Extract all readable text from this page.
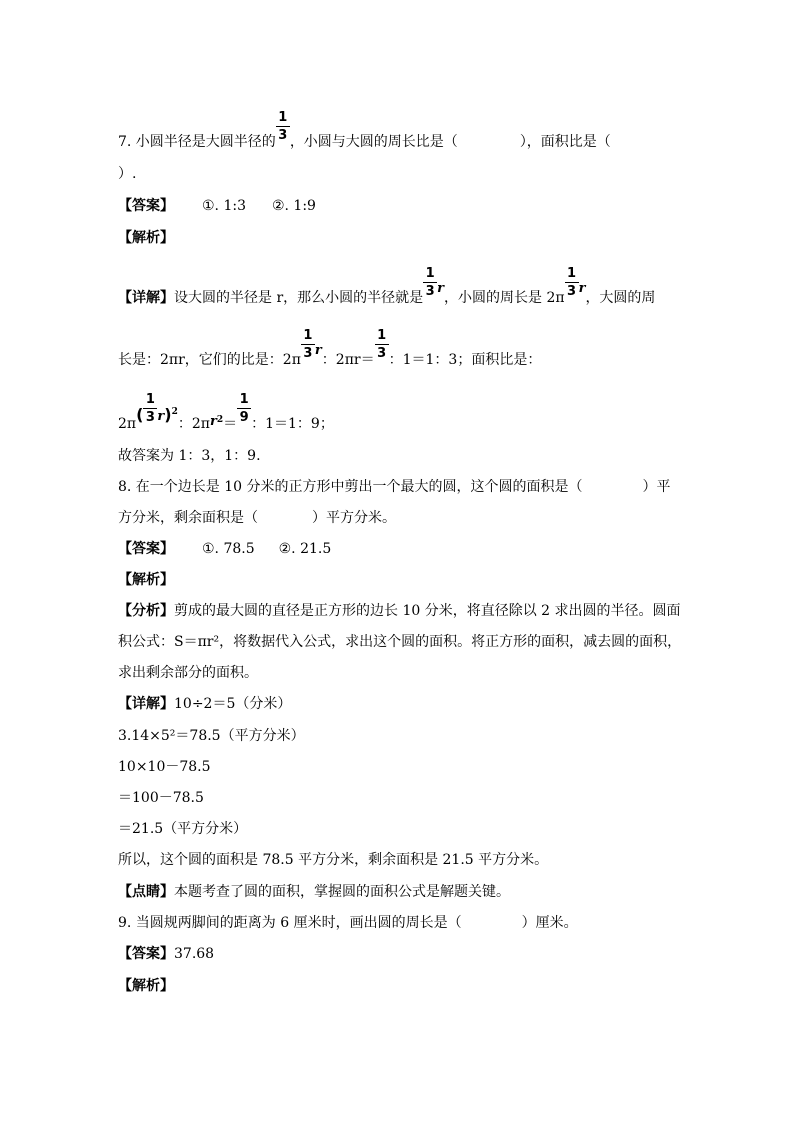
7. 小圆半径是大圆半径的 $\frac{1}{3}$ ，小圆与大圆的周长比是（	），面积比是（
）.
【答案】 ①. 1:3 ②. 1:9
【解析】
【详解】设大圆的半径是 r，那么小圆的半径就是 $\frac{1}{3}$
r，小圆的周长是 $2\pi \frac{1}{3}$
r，大圆的周
长是：2πr，它们的比是：$2\pi \frac{1}{3}$
r：$2\pi r= \frac{1}{3}$ ：1＝1：3；面积比是：
2π(
$\frac{1}{3}$
r)$^2$：$2\pi r^2= \frac{1}{9}$ ：1＝1：9；
故答案为 1：3，1：9.
8. 在一个边长是 10 分米的正方形中剪出一个最大的圆，这个圆的面积是（	）平
方分米，剩余面积是（	）平方分米。
【答案】 ①. 78.5 ②. 21.5
【解析】
【分析】剪成的最大圆的直径是正方形的边长 10 分米，将直径除以 2 求出圆的半径。圆面
积公式：S＝πr²，将数据代入公式，求出这个圆的面积。将正方形的面积，减去圆的面积，
求出剩余部分的面积。
【详解】10÷2＝5（分米）
3.14×5²＝78.5（平方分米）
10×10－78.5
＝100－78.5
＝21.5（平方分米）
所以，这个圆的面积是 78.5 平方分米，剩余面积是 21.5 平方分米。
【点睛】本题考查了圆的面积，掌握圆的面积公式是解题关键。
9. 当圆规两脚间的距离为 6 厘米时，画出圆的周长是（	）厘米。
【答案】37.68
【解析】
